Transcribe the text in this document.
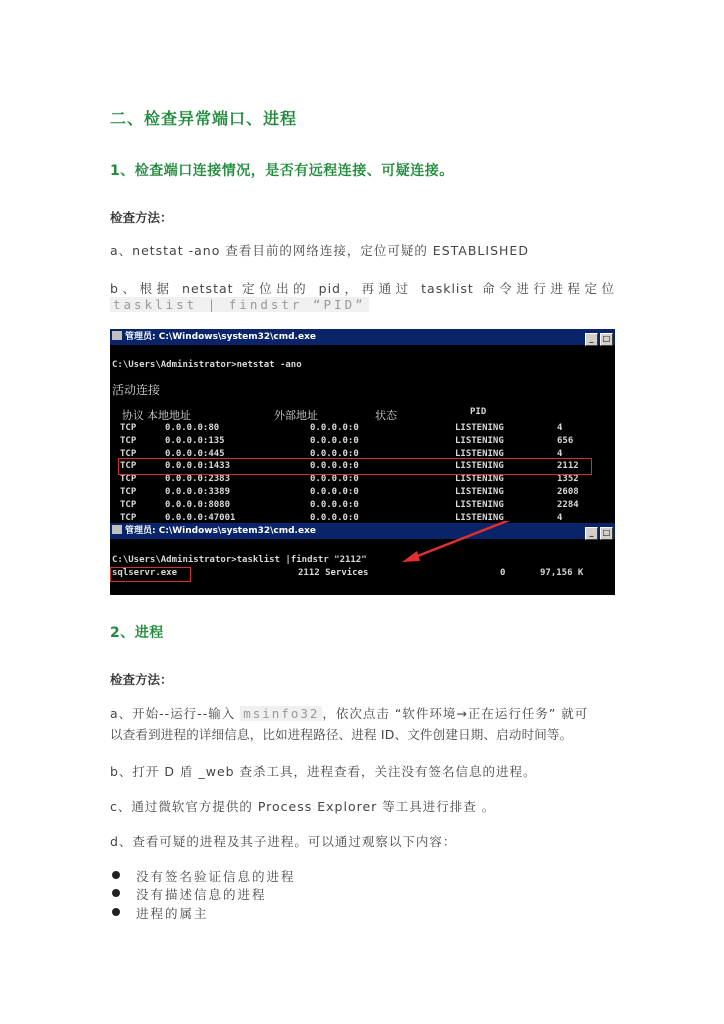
二、检查异常端口、进程
1、检查端口连接情况，是否有远程连接、可疑连接。
检查方法：
a、netstat -ano 查看目前的网络连接，定位可疑的 ESTABLISHED
b、根据 netstat 定位出的 pid，再通过 tasklist 命令进行进程定位
tasklist | findstr “PID”
管理员: C:\Windows\system32\cmd.exe	_ □
C:\Users\Administrator>netstat -ano
活动连接
协议 本地地址	外部地址	状态	PID
TCP	0.0.0.0:80	0.0.0.0:0	LISTENING	4
TCP	0.0.0.0:135	0.0.0.0:0	LISTENING	656
TCP	0.0.0.0:445	0.0.0.0:0	LISTENING	4
TCP	0.0.0.0:1433	0.0.0.0:0	LISTENING	2112
TCP	0.0.0.0:2383	0.0.0.0:0	LISTENING	1352
TCP	0.0.0.0:3389	0.0.0.0:0	LISTENING	2608
TCP	0.0.0.0:8080	0.0.0.0:0	LISTENING	2284
TCP	0.0.0.0:47001	0.0.0.0:0	LISTENING	4
管理员: C:\Windows\system32\cmd.exe	_ □
C:\Users\Administrator>tasklist |findstr "2112"
sqlservr.exe	2112 Services	0	97,156 K
2、进程
检查方法：
a、开始--运行--输入 msinfo32 ，依次点击 “软件环境→正在运行任务” 就可
以查看到进程的详细信息，比如进程路径、进程 ID、文件创建日期、启动时间等。
b、打开 D 盾 _web 查杀工具，进程查看，关注没有签名信息的进程。
c、通过微软官方提供的 Process Explorer 等工具进行排查 。
d、查看可疑的进程及其子进程。可以通过观察以下内容：
没有签名验证信息的进程
没有描述信息的进程
进程的属主
